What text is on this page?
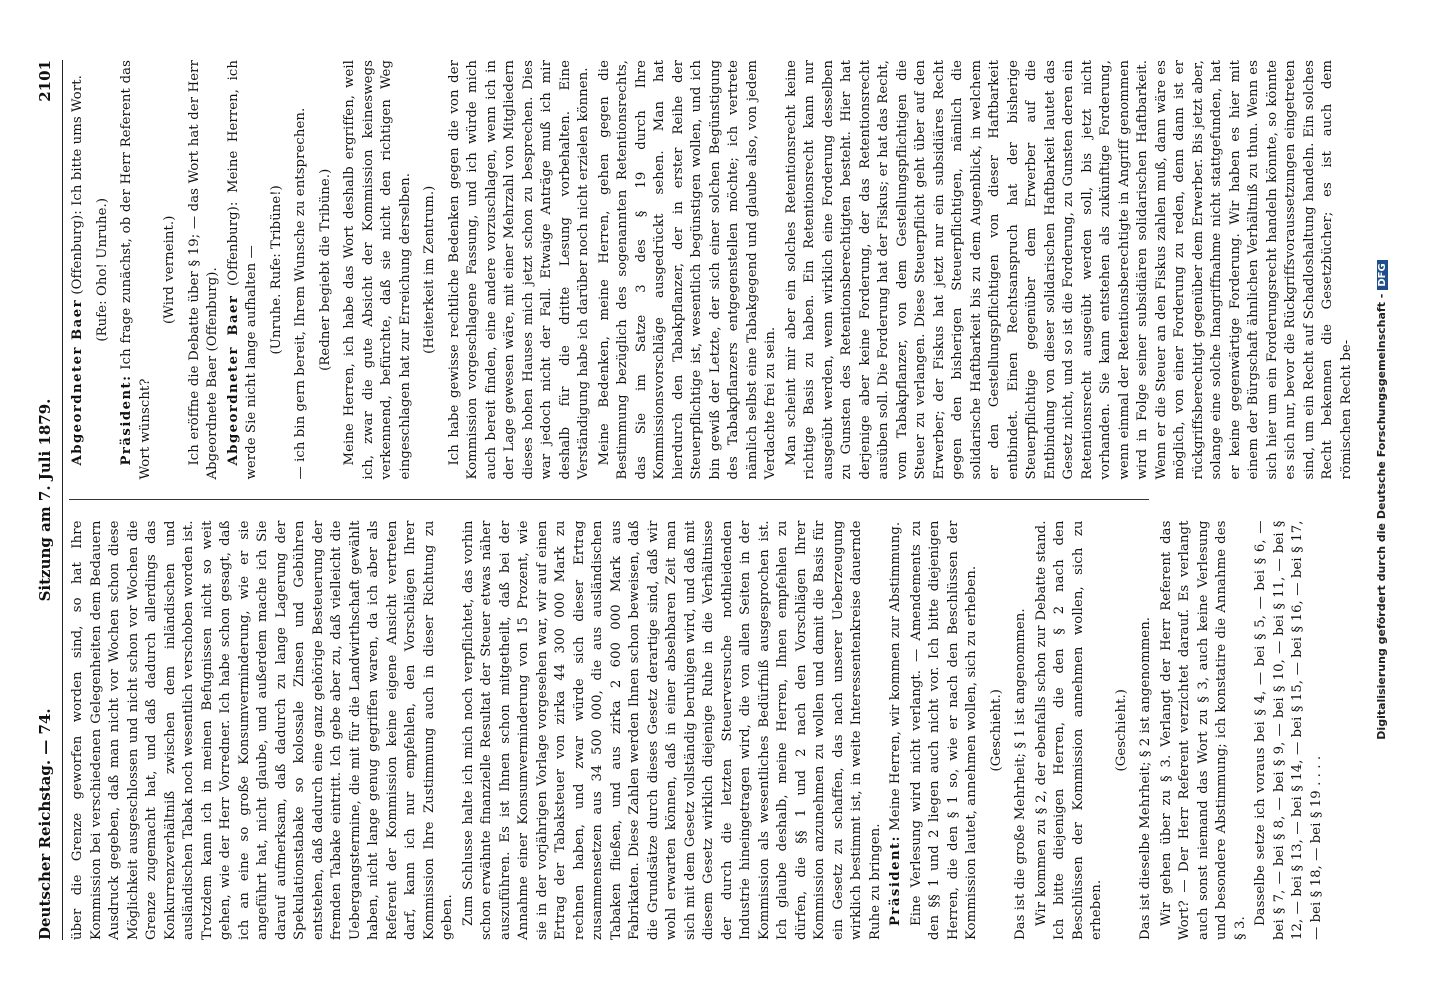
Deutscher Reichstag. — 74.
Sitzung am 7. Juli 1879.
2101

über die Grenze geworfen worden sind, so hat Ihre Kommission bei verschiedenen Gelegenheiten dem Bedauern Ausdruck gegeben, daß man nicht vor Wochen schon diese Möglichkeit ausgeschlossen und nicht schon vor Wochen die Grenze zugemacht hat, und daß dadurch allerdings das Konkurrenzverhältniß zwischen dem inländischen und ausländischen Tabak noch wesentlich verschoben worden ist. Trotzdem kann ich in meinen Befugnissen nicht so weit gehen, wie der Herr Vorredner. Ich habe schon gesagt, daß ich an eine so große Konsumverminderung, wie er sie angeführt hat, nicht glaube, und außerdem mache ich Sie darauf aufmerksam, daß dadurch zu lange Lagerung der Spekulationstabake so kolossale Zinsen und Gebühren entstehen, daß dadurch eine ganz gehörige Besteuerung der fremden Tabake eintritt. Ich gebe aber zu, daß vielleicht die Uebergangstermine, die mit für die Landwirthschaft gewählt haben, nicht lange genug gegriffen waren, da ich aber als Referent der Kommission keine eigene Ansicht vertreten darf, kann ich nur empfehlen, den Vorschlägen Ihrer Kommission Ihre Zustimmung auch in dieser Richtung zu geben. Zum Schlusse halte ich mich noch verpflichtet, das vorhin schon erwähnte finanzielle Resultat der Steuer etwas näher auszuführen. Es ist Ihnen schon mitgetheilt, daß bei der Annahme einer Konsumverminderung von 15 Prozent, wie sie in der vorjährigen Vorlage vorgesehen war, wir auf einen Ertrag der Tabaksteuer von zirka 44 300 000 Mark zu rechnen haben, und zwar würde sich dieser Ertrag zusammensetzen aus 34 500 000, die aus ausländischen Tabaken fließen, und aus zirka 2 600 000 Mark aus Fabrikaten. Diese Zahlen werden Ihnen schon beweisen, daß die Grundsätze durch dieses Gesetz derartige sind, daß wir wohl erwarten können, daß in einer absehbaren Zeit man sich mit dem Gesetz vollständig beruhigen wird, und daß mit diesem Gesetz wirklich diejenige Ruhe in die Verhältnisse der durch die letzten Steuerversuche nothleidenden Industrie hineingetragen wird, die von allen Seiten in der Kommission als wesentliches Bedürfniß ausgesprochen ist. Ich glaube deshalb, meine Herren, Ihnen empfehlen zu dürfen, die §§ 1 und 2 nach den Vorschlägen Ihrer Kommission anzunehmen zu wollen und damit die Basis für ein Gesetz zu schaffen, das nach unserer Ueberzeugung wirklich bestimmt ist, in weite Interessentenkreise dauernde Ruhe zu bringen. Präsident: Meine Herren, wir kommen zur Abstimmung. Eine Verlesung wird nicht verlangt. — Amendements zu den §§ 1 und 2 liegen auch nicht vor. Ich bitte diejenigen Herren, die den § 1 so, wie er nach den Beschlüssen der Kommission lautet, annehmen wollen, sich zu erheben. (Geschieht.) Das ist die große Mehrheit; § 1 ist angenommen. Wir kommen zu § 2, der ebenfalls schon zur Debatte stand. Ich bitte diejenigen Herren, die den § 2 nach den Beschlüssen der Kommission annehmen wollen, sich zu erheben.

(Geschieht.) Das ist dieselbe Mehrheit; § 2 ist angenommen. Wir gehen über zu § 3. Verlangt der Herr Referent das Wort? — Der Herr Referent verzichtet darauf. Es verlangt auch sonst niemand das Wort zu § 3, auch keine Verlesung und besondere Abstimmung; ich konstatire die Annahme des § 3.

Dasselbe setze ich voraus bei § 4, — bei § 5, — bei § 6, — bei § 7, — bei § 8, — bei § 9, — bei § 10, — bei § 11, — bei § 12, — bei § 13, — bei § 14, — bei § 15, — bei § 16, — bei § 17, — bei § 18, — bei § 19 . . . .

Abgeordneter Baer (Offenburg): Ich bitte ums Wort. (Rufe: Oho! Unruhe.)

Präsident: Ich frage zunächst, ob der Herr Referent das Wort wünscht?

(Wird verneint.) Ich eröffne die Debatte über § 19; — das Wort hat der Herr Abgeordnete Baer (Offenburg). Abgeordneter Baer (Offenburg): Meine Herren, ich werde Sie nicht lange aufhalten — (Unruhe. Rufe: Tribüne!) — ich bin gern bereit, Ihrem Wunsche zu entsprechen. (Redner begiebt die Tribüne.) Meine Herren, ich habe das Wort deshalb ergriffen, weil ich, zwar die gute Absicht der Kommission keineswegs verkennend, befürchte, daß sie nicht den richtigen Weg eingeschlagen hat zur Erreichung derselben. (Heiterkeit im Zentrum.) Ich habe gewisse rechtliche Bedenken gegen die von der Kommission vorgeschlagene Fassung, und ich würde mich auch bereit finden, eine andere vorzuschlagen, wenn ich in der Lage gewesen wäre, mit einer Mehrzahl von Mitgliedern dieses hohen Hauses mich jetzt schon zu besprechen. Dies war jedoch nicht der Fall. Etwaige Anträge muß ich mir deshalb für die dritte Lesung vorbehalten. Eine Verständigung habe ich darüber noch nicht erzielen können. Meine Bedenken, meine Herren, gehen gegen die Bestimmung bezüglich des sogenannten Retentionsrechts, das Sie im Satze 3 des § 19 durch Ihre Kommissionsvorschläge ausgedrückt sehen. Man hat hierdurch den Tabakpflanzer, der in erster Reihe der Steuerpflichtige ist, wesentlich begünstigen wollen, und ich bin gewiß der Letzte, der sich einer solchen Begünstigung des Tabakpflanzers entgegenstellen möchte; ich vertrete nämlich selbst eine Tabakgegend und glaube also, von jedem Verdachte frei zu sein. Man scheint mir aber ein solches Retentionsrecht keine richtige Basis zu haben. Ein Retentionsrecht kann nur ausgeübt werden, wenn wirklich eine Forderung desselben zu Gunsten des Retentionsberechtigten besteht. Hier hat derjenige aber keine Forderung, der das Retentionsrecht ausüben soll. Die Forderung hat der Fiskus; er hat das Recht, vom Tabakpflanzer, von dem Gestellungspflichtigen die Steuer zu verlangen. Diese Steuerpflicht geht über auf den Erwerber; der Fiskus hat jetzt nur ein subsidiäres Recht gegen den bisherigen Steuerpflichtigen, nämlich die solidarische Haftbarkeit bis zu dem Augenblick, in welchem er den Gestellungspflichtigen von dieser Haftbarkeit entbindet. Einen Rechtsanspruch hat der bisherige Steuerpflichtige gegenüber dem Erwerber auf die Entbindung von dieser solidarischen Haftbarkeit lautet das Gesetz nicht, und so ist die Forderung, zu Gunsten deren ein Retentionsrecht ausgeübt werden soll, bis jetzt nicht vorhanden. Sie kann entstehen als zukünftige Forderung, wenn einmal der Retentionsberechtigte in Angriff genommen wird in Folge seiner subsidiären solidarischen Haftbarkeit. Wenn er die Steuer an den Fiskus zahlen muß, dann wäre es möglich, von einer Forderung zu reden, denn dann ist er rückgriffsberechtigt gegenüber dem Erwerber. Bis jetzt aber, solange eine solche Inangriffnahme nicht stattgefunden, hat er keine gegenwärtige Forderung. Wir haben es hier mit einem der Bürgschaft ähnlichen Verhältniß zu thun. Wenn es sich hier um ein Forderungsrecht handeln könnte, so könnte es sich nur, bevor die Rückgriffsvoraussetzungen eingetreten sind, um ein Recht auf Schadloshaltung handeln. Ein solches Recht bekennen die Gesetzbücher; es ist auch dem römischen Recht be- Digitalisierung gefördert durch die Deutsche Forschungsgemeinschaft -DFG
